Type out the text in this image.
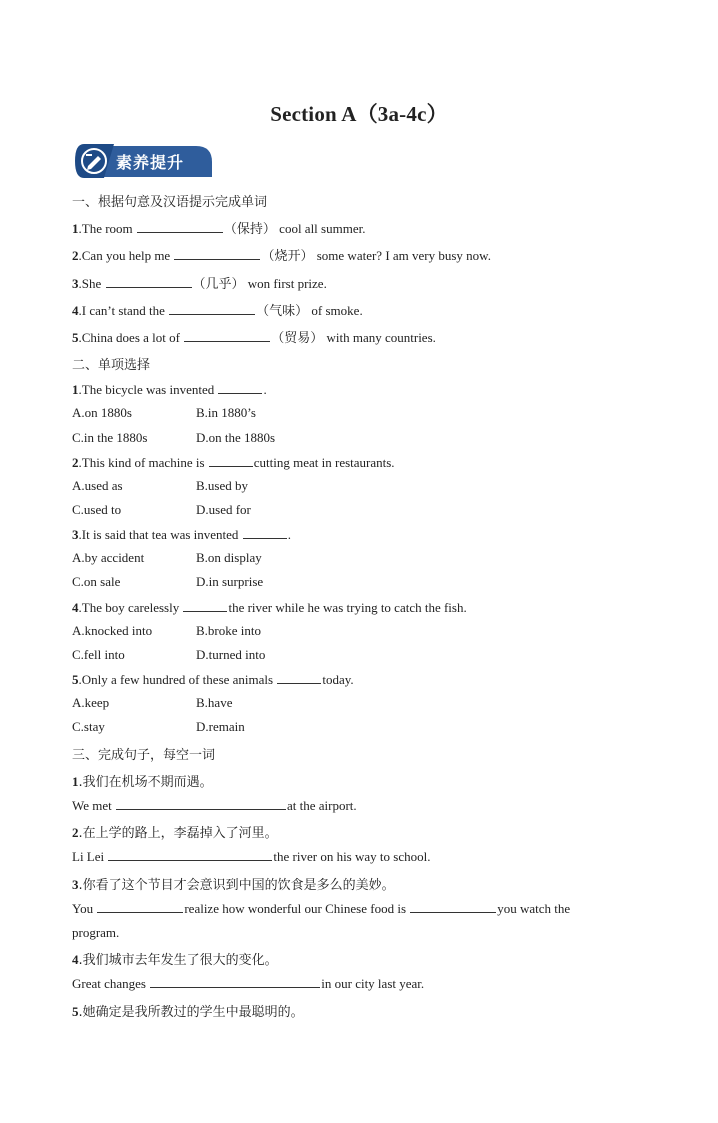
Section A（3a-4c）
素养提升
一、根据句意及汉语提示完成单词
1.The room	（保持） cool all summer.
2.Can you help me	（烧开） some water? I am very busy now.
3.She	（几乎） won first prize.
4.I can’t stand the	（气味） of smoke.
5.China does a lot of	（贸易） with many countries.
二、单项选择
1.The bicycle was invented	.
A.on 1880s	B.in 1880’s
C.in the 1880s	D.on the 1880s
2.This kind of machine is	cutting meat in restaurants.
A.used as	B.used by
C.used to	D.used for
3.It is said that tea was invented	.
A.by accident	B.on display
C.on sale	D.in surprise
4.The boy carelessly	the river while he was trying to catch the fish.
A.knocked into	B.broke into
C.fell into	D.turned into
5.Only a few hundred of these animals	today.
A.keep	B.have
C.stay	D.remain
三、完成句子，每空一词
1.我们在机场不期而遇。
We met	at the airport.
2.在上学的路上，李磊掉入了河里。
Li Lei	the river on his way to school.
3.你看了这个节目才会意识到中国的饮食是多么的美妙。
You	realize how wonderful our Chinese food is	you watch the
program.
4.我们城市去年发生了很大的变化。
Great changes	in our city last year.
5.她确定是我所教过的学生中最聪明的。
